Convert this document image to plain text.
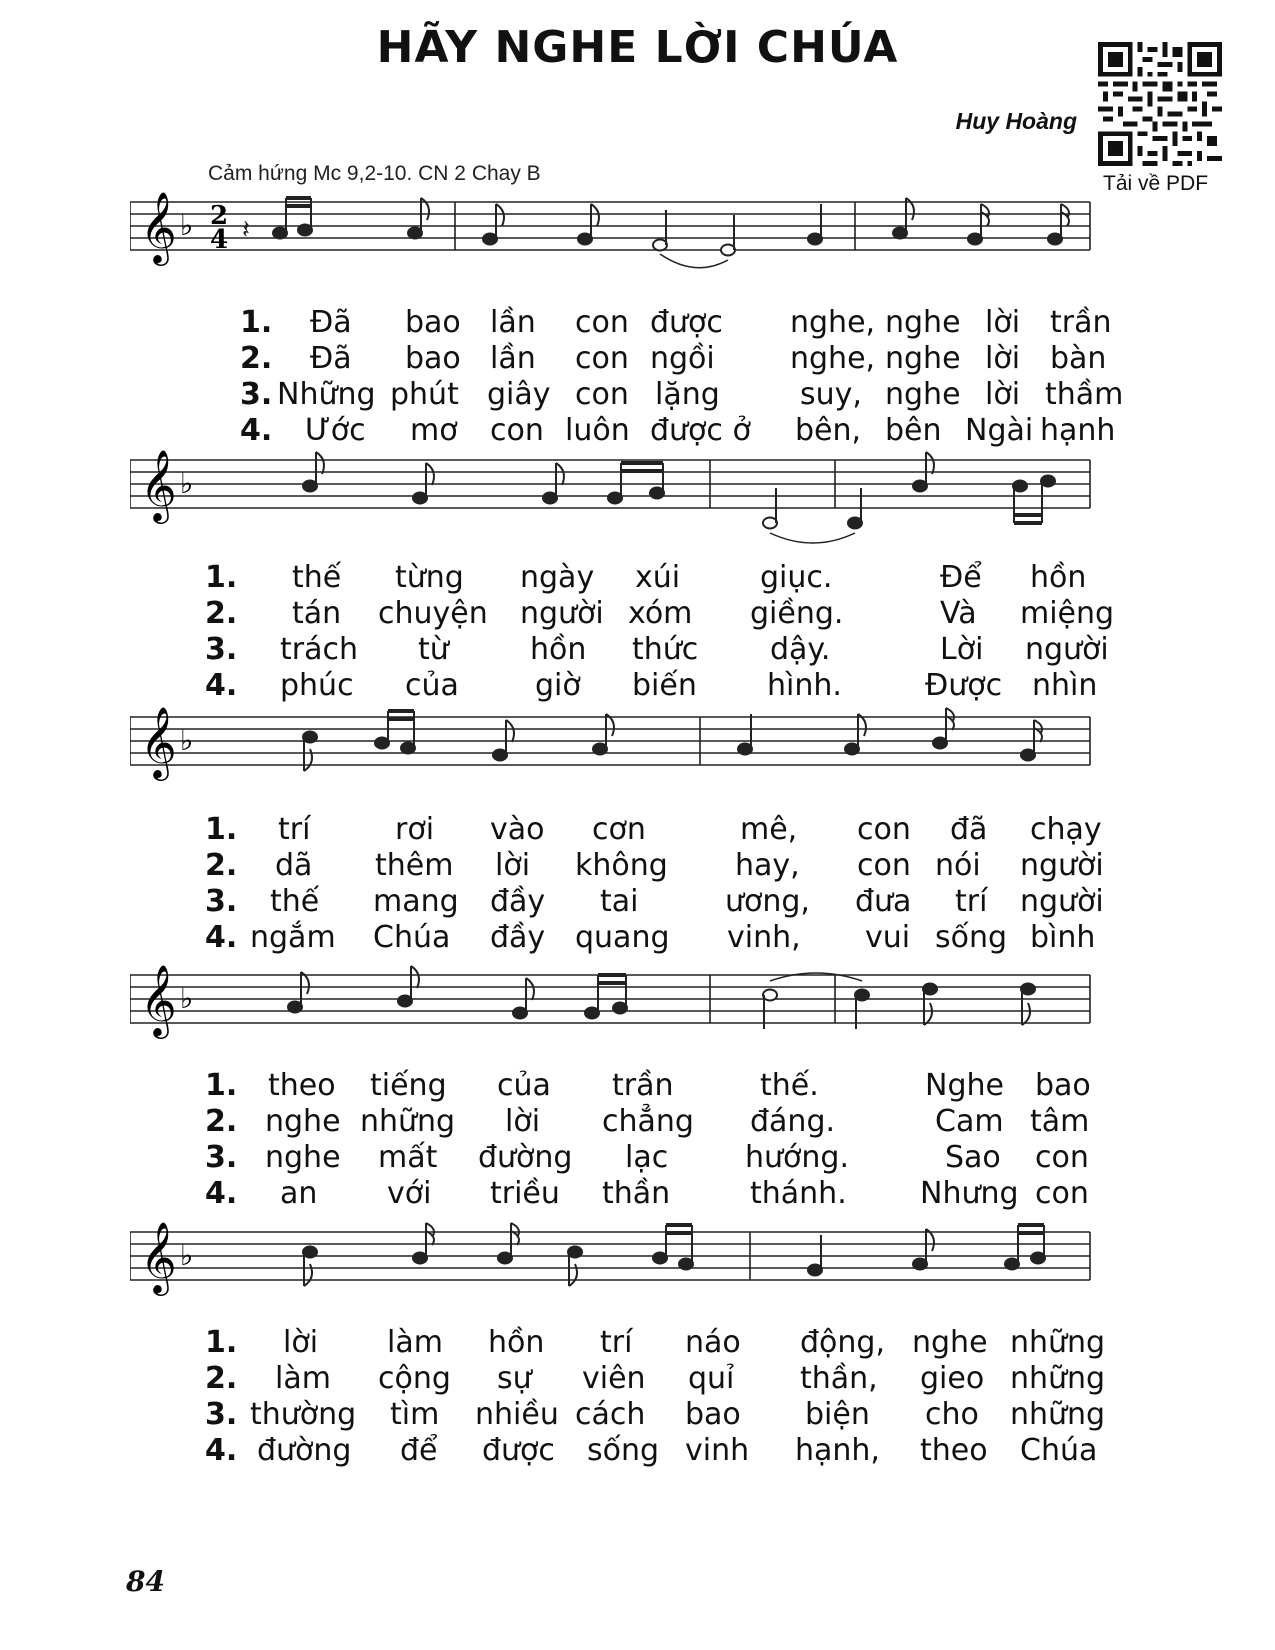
HÃY NGHE LỜI CHÚA
Huy Hoàng
Tải về PDF
Cảm hứng Mc 9,2-10. CN 2 Chay B
𝄞 ♭ 2
4 𝄽
𝄞 ♭
𝄞 ♭
𝄞 ♭
𝄞 ♭
1. Đã bao lần con được nghe, nghe lời trần
2. Đã bao lần con ngồi	nghe, nghe lời bàn
3. Những phút giây con lặng	suy, nghe lời thầm
4. Ước mơ con luôn được ở bên, bên Ngài hạnh
1. thế từng ngày xúi	giục.	Để hồn
2. tán chuyện người xóm giềng.	Và miệng
3. trách từ	hồn thức dậy.	Lời người
4. phúc của	giờ biến hình.	Được nhìn
1. trí	rơi vào cơn	mê, con đã chạy
2. dã thêm lời không hay, con nói người
3. thế mang đầy tai	ương, đưa trí người
4. ngắm Chúa đầy quang vinh, vui sống bình
1. theo tiếng của trần	thế.	Nghe bao
2. nghe những lời chẳng đáng.	Cam tâm
3. nghe mất đường lạc	hướng.	Sao con
4. an với triều thần	thánh. Nhưng con
1. lời làm hồn trí náo động, nghe những
2. làm cộng sự viên quỉ thần, gieo những
3. thường tìm nhiều cách bao biện cho những
4. đường để được sống vinh hạnh, theo Chúa
84
